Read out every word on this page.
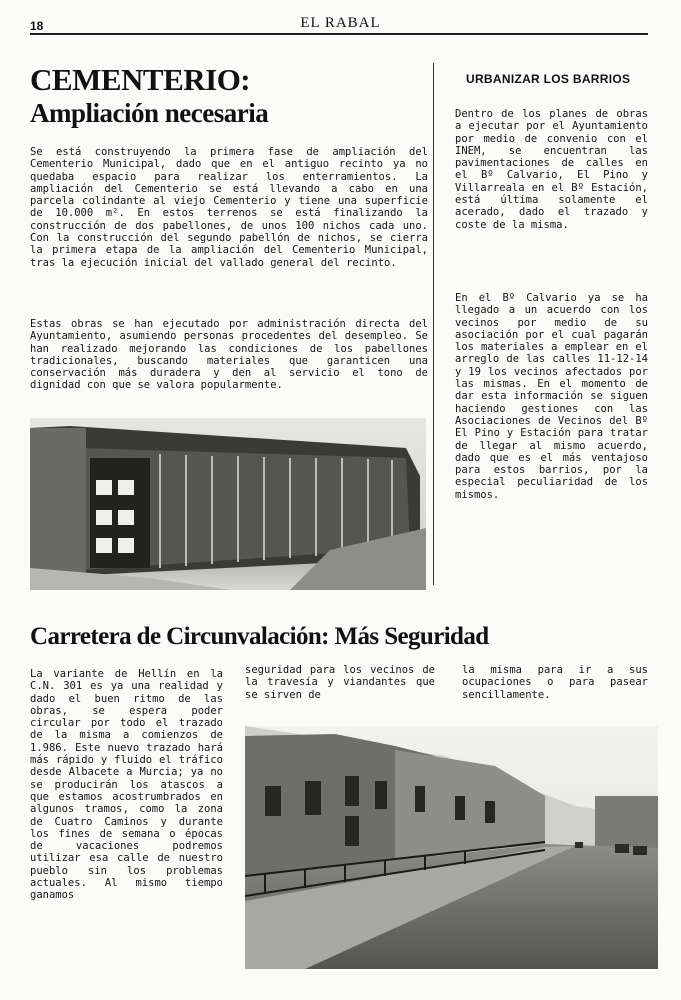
18	EL RABAL
CEMENTERIO:
Ampliación necesaria

Se está construyendo la primera fase de ampliación del Cementerio Municipal, dado que en el antiguo recinto ya no quedaba espacio para realizar los enterramientos. La ampliación del Cementerio se está llevando a cabo en una parcela colindante al viejo Cementerio y tiene una superficie de 10.000 m². En estos terrenos se está finalizando la construcción de dos pabellones, de unos 100 nichos cada uno. Con la construcción del segundo pabellón de nichos, se cierra la primera etapa de la ampliación del Cementerio Municipal, tras la ejecución inicial del vallado general del recinto.

Estas obras se han ejecutado por administración directa del Ayuntamiento, asumiendo personas procedentes del desempleo. Se han realizado mejorando las condiciones de los pabellones tradicionales, buscando materiales que garanticen una conservación más duradera y den al servicio el tono de dignidad con que se valora popularmente.

URBANIZAR LOS BARRIOS

Dentro de los planes de obras a ejecutar por el Ayuntamiento por medio de convenio con el INEM, se encuentran las pavimentaciones de calles en el Bº Calvario, El Pino y Villarreala en el Bº Estación, está última solamente el acerado, dado el trazado y coste de la misma.

En el Bº Calvario ya se ha llegado a un acuerdo con los vecinos por medio de su asociación por el cual pagarán los materiales a emplear en el arreglo de las calles 11-12-14 y 19 los vecinos afectados por las mismas. En el momento de dar esta información se siguen haciendo gestiones con las Asociaciones de Vecinos del Bº El Pino y Estación para tratar de llegar al mismo acuerdo, dado que es el más ventajoso para estos barrios, por la especial peculiaridad de los mismos.

Carretera de Circunvalación: Más Seguridad

La variante de Hellín en la C.N. 301 es ya una realidad y dado el buen ritmo de las obras, se espera poder circular por todo el trazado de la misma a comienzos de 1.986. Este nuevo trazado hará más rápido y fluido el tráfico desde Albacete a Murcia; ya no se producirán los atascos a que estamos acostrumbrados en algunos tramos, como la zona de Cuatro Caminos y durante los fines de semana o épocas de vacaciones podremos utilizar esa calle de nuestro pueblo sin los problemas actuales. Al mismo tiempo ganamos

seguridad para los vecinos de la travesía y viandantes que se sirven de

la misma para ir a sus ocupaciones o para pasear sencillamente.
